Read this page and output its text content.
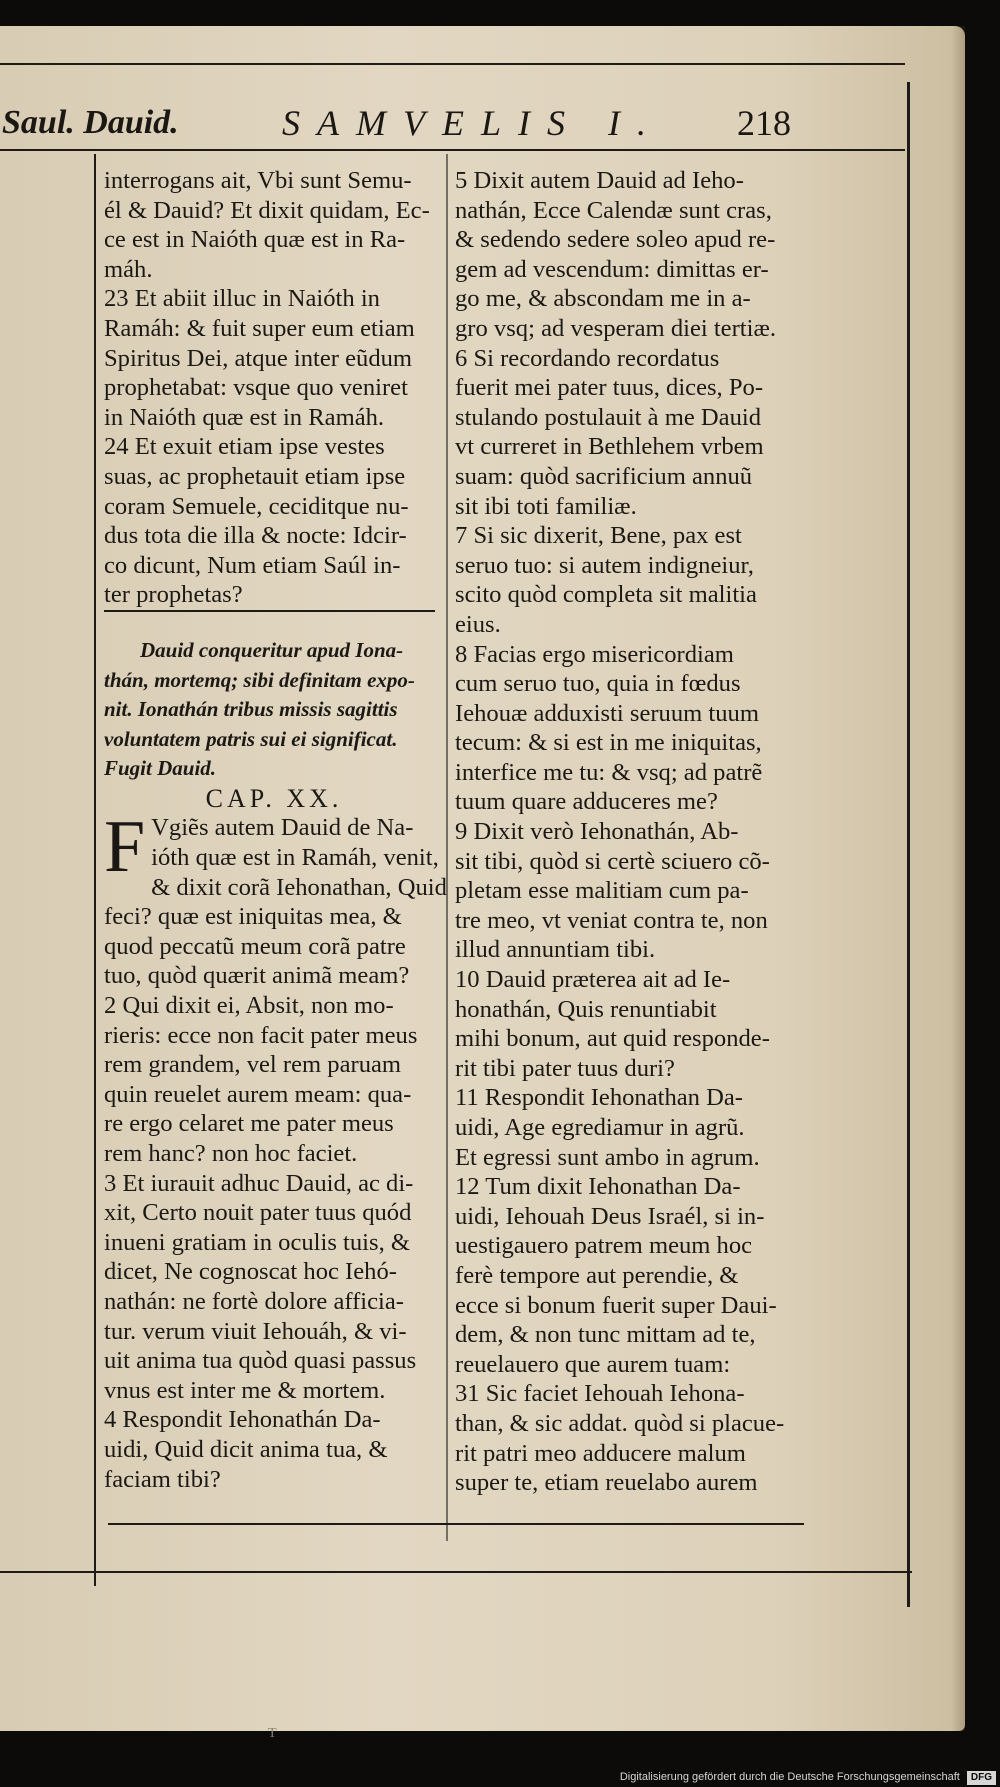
Saul. Dauid.	SAMVELIS I. 218

interrogans ait, Vbi sunt Semu-

él & Dauid? Et dixit quidam, Ec-

ce est in Naióth quæ est in Ra-

máh.

23 Et abiit illuc in Naióth in

Ramáh: & fuit super eum etiam

Spiritus Dei, atque inter eũdum

prophetabat: vsque quo veniret

in Naióth quæ est in Ramáh.

24 Et exuit etiam ipse vestes

suas, ac prophetauit etiam ipse

coram Semuele, ceciditque nu-

dus tota die illa & nocte: Idcir-

co dicunt, Num etiam Saúl in-

ter prophetas?

Dauid conqueritur apud Iona-

thán, mortemq; sibi definitam expo-

nit. Ionathán tribus missis sagittis

voluntatem patris sui ei significat.

Fugit Dauid.

CAP. XX.

F Vgiẽs autem Dauid de Na-

ióth quæ est in Ramáh, venit,

& dixit corã Iehonathan, Quid

feci? quæ est iniquitas mea, &

quod peccatũ meum corã patre

tuo, quòd quærit animã meam?

2 Qui dixit ei, Absit, non mo-

rieris: ecce non facit pater meus

rem grandem, vel rem paruam

quin reuelet aurem meam: qua-

re ergo celaret me pater meus

rem hanc? non hoc faciet.

3 Et iurauit adhuc Dauid, ac di-

xit, Certo nouit pater tuus quód

inueni gratiam in oculis tuis, &

dicet, Ne cognoscat hoc Iehó-

nathán: ne fortè dolore afficia-

tur. verum viuit Iehouáh, & vi-

uit anima tua quòd quasi passus

vnus est inter me & mortem.

4 Respondit Iehonathán Da-

uidi, Quid dicit anima tua, &

faciam tibi?

5 Dixit autem Dauid ad Ieho-

nathán, Ecce Calendæ sunt cras,

& sedendo sedere soleo apud re-

gem ad vescendum: dimittas er-

go me, & abscondam me in a-

gro vsq; ad vesperam diei tertiæ.

6 Si recordando recordatus

fuerit mei pater tuus, dices, Po-

stulando postulauit à me Dauid

vt curreret in Bethlehem vrbem

suam: quòd sacrificium annuũ

sit ibi toti familiæ.

7 Si sic dixerit, Bene, pax est

seruo tuo: si autem indigneiur,

scito quòd completa sit malitia

eius.

8 Facias ergo misericordiam

cum seruo tuo, quia in fœdus

Iehouæ adduxisti seruum tuum

tecum: & si est in me iniquitas,

interfice me tu: & vsq; ad patrẽ

tuum quare adduceres me?

9 Dixit verò Iehonathán, Ab-

sit tibi, quòd si certè sciuero cõ-

pletam esse malitiam cum pa-

tre meo, vt veniat contra te, non

illud annuntiam tibi.

10 Dauid præterea ait ad Ie-

honathán, Quis renuntiabit

mihi bonum, aut quid responde-

rit tibi pater tuus duri?

11 Respondit Iehonathan Da-

uidi, Age egrediamur in agrũ.

Et egressi sunt ambo in agrum.

12 Tum dixit Iehonathan Da-

uidi, Iehouah Deus Israél, si in-

uestigauero patrem meum hoc

ferè tempore aut perendie, &

ecce si bonum fuerit super Daui-

dem, & non tunc mittam ad te,

reuelauero que aurem tuam:

31 Sic faciet Iehouah Iehona-

than, & sic addat. quòd si placue-

rit patri meo adducere malum

super te, etiam reuelabo aurem

T
Digitalisierung gefördert durch die Deutsche Forschungsgemeinschaft DFG
